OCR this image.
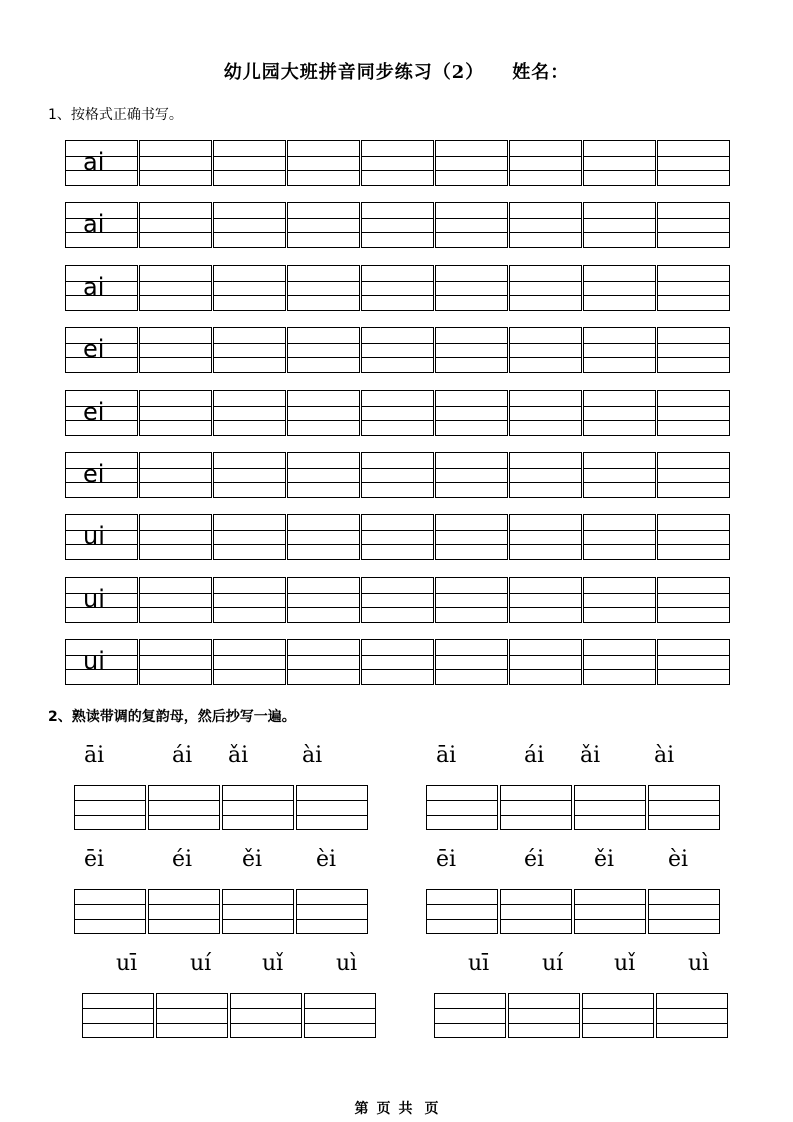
幼儿园大班拼音同步练习（2） 姓名：
1、按格式正确书写。
ai
ai
ai
ei
ei
ei
ui
ui
ui
2、熟读带调的复韵母，然后抄写一遍。
āi	ái ǎi ài	āi	ái ǎi ài
ēi	éi ěi èi	ēi	éi ěi èi
uī uí uǐ uì	uī uí uǐ uì
第 页 共 页
